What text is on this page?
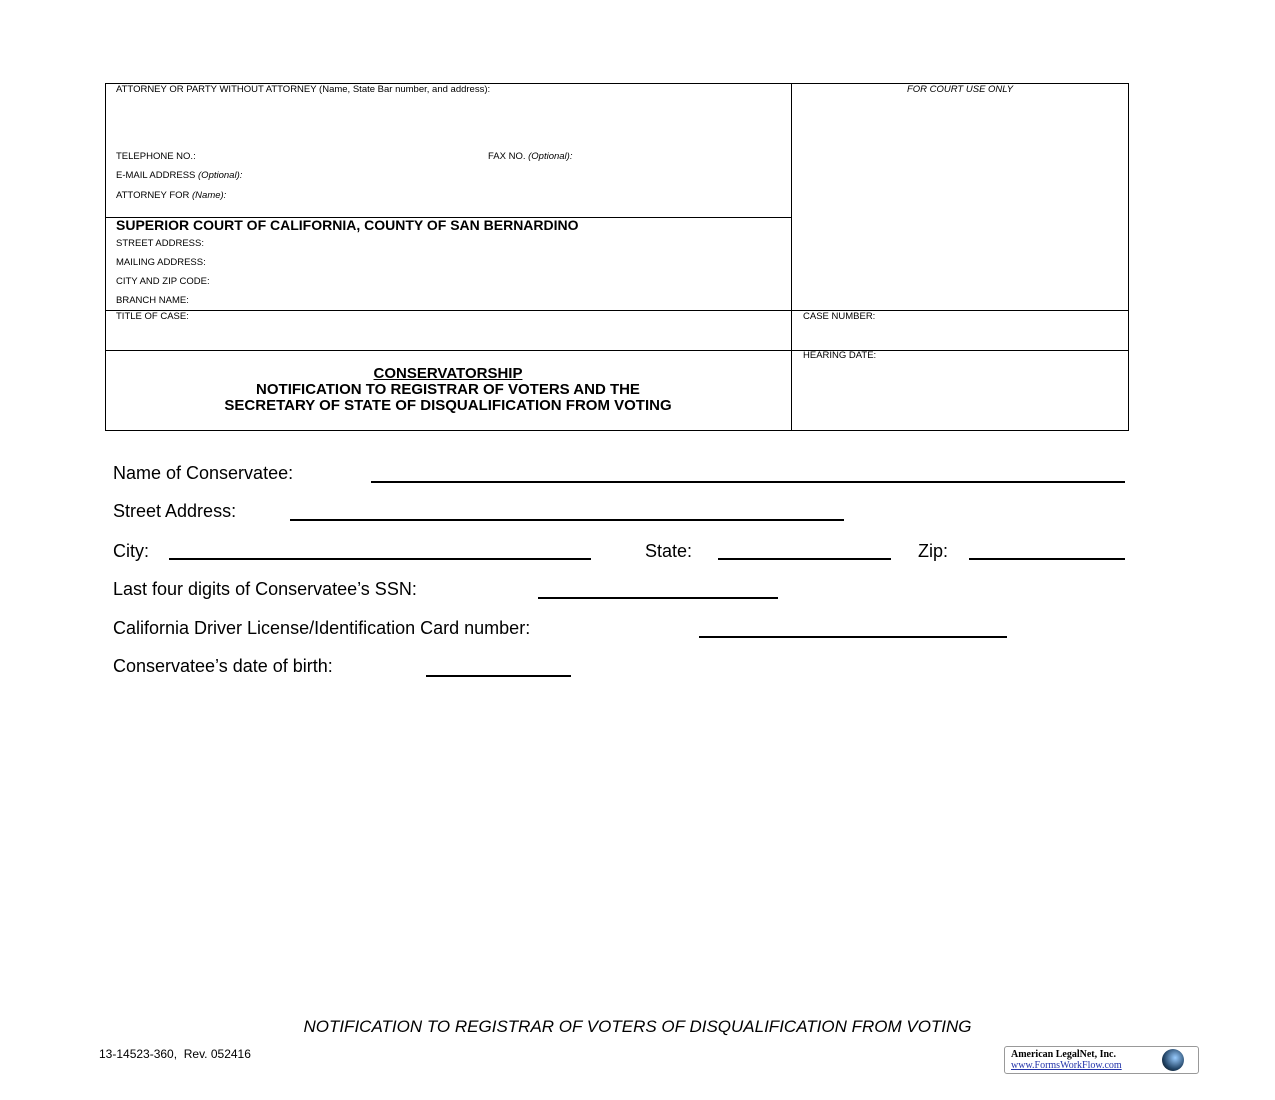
ATTORNEY OR PARTY WITHOUT ATTORNEY (Name, State Bar number, and address):	FOR COURT USE ONLY
TELEPHONE NO.:	FAX NO. (Optional):
E-MAIL ADDRESS (Optional):
ATTORNEY FOR (Name):
SUPERIOR COURT OF CALIFORNIA, COUNTY OF SAN BERNARDINO
STREET ADDRESS:
MAILING ADDRESS:
CITY AND ZIP CODE:
BRANCH NAME:
TITLE OF CASE:	CASE NUMBER:
HEARING DATE:
CONSERVATORSHIP
NOTIFICATION TO REGISTRAR OF VOTERS AND THE
SECRETARY OF STATE OF DISQUALIFICATION FROM VOTING
Name of Conservatee:
Street Address:
City:	State:	Zip:
Last four digits of Conservatee’s SSN:
California Driver License/Identification Card number:
Conservatee’s date of birth:
NOTIFICATION TO REGISTRAR OF VOTERS OF DISQUALIFICATION FROM VOTING
13-14523-360,  Rev. 052416	American LegalNet, Inc.
www.FormsWorkFlow.com
